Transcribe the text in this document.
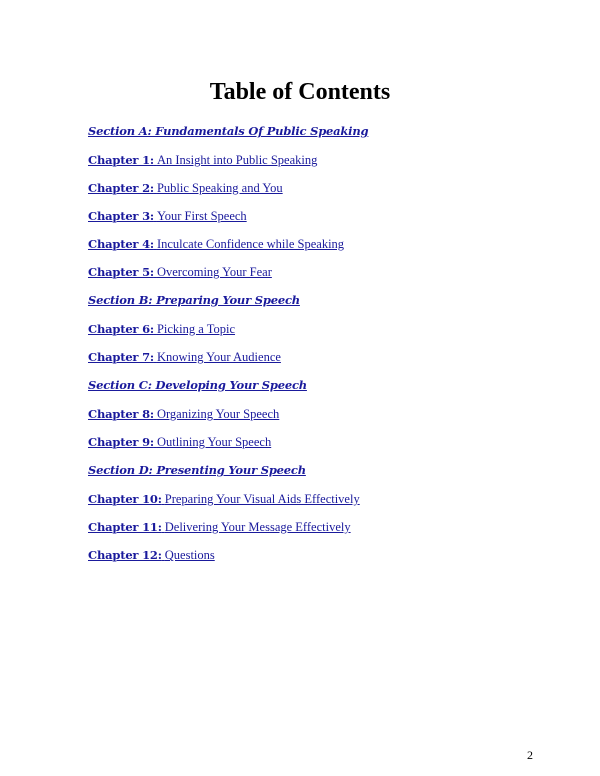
Table of Contents
Section A: Fundamentals Of Public Speaking
Chapter 1: An Insight into Public Speaking
Chapter 2: Public Speaking and You
Chapter 3: Your First Speech
Chapter 4: Inculcate Confidence while Speaking
Chapter 5: Overcoming Your Fear
Section B: Preparing Your Speech
Chapter 6: Picking a Topic
Chapter 7: Knowing Your Audience
Section C: Developing Your Speech
Chapter 8: Organizing Your Speech
Chapter 9: Outlining Your Speech
Section D: Presenting Your Speech
Chapter 10: Preparing Your Visual Aids Effectively
Chapter 11: Delivering Your Message Effectively
Chapter 12: Questions
2
